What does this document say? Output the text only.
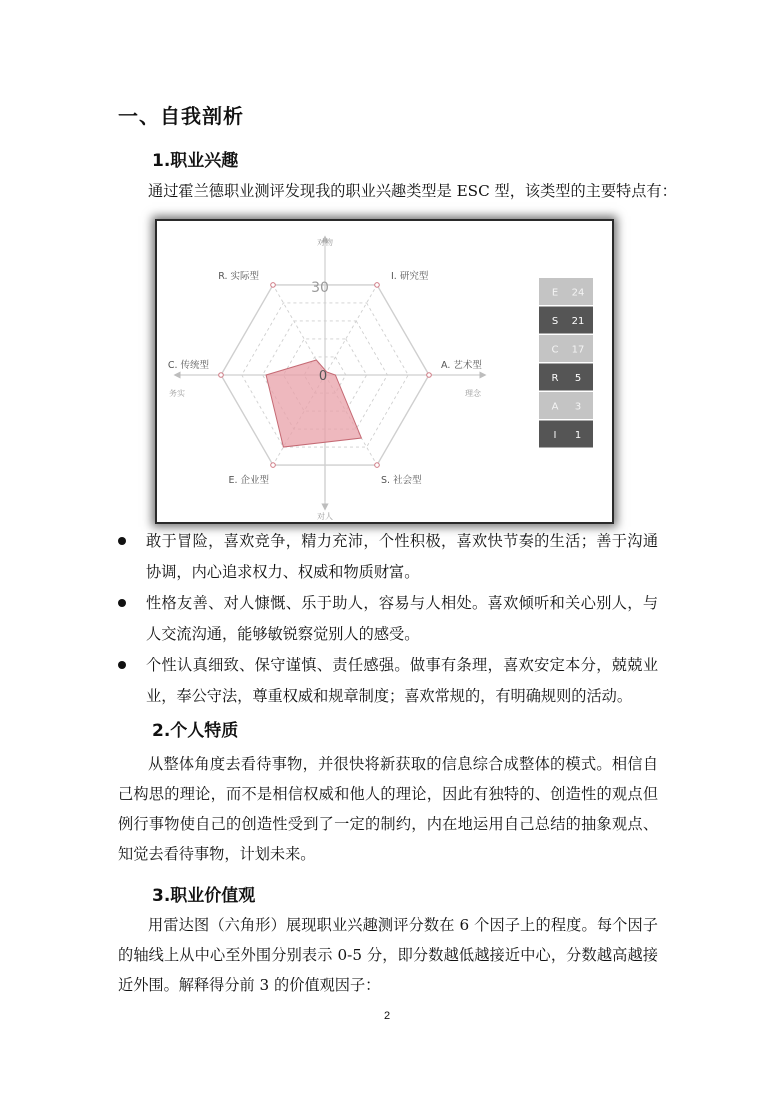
一、自我剖析
1.职业兴趣
通过霍兰德职业测评发现我的职业兴趣类型是 ESC 型，该类型的主要特点有：
I. 研究型
A. 艺术型
S. 社会型
E. 企业型
C. 传统型
R. 实际型
30
0
对物
对人
务实	理念
E 24
S 21
C 17
R 5
A 3
I 1
敢于冒险，喜欢竞争，精力充沛，个性积极，喜欢快节奏的生活；善于沟通协调，内心追求权力、权威和物质财富。
性格友善、对人慷慨、乐于助人，容易与人相处。喜欢倾听和关心别人，与人交流沟通，能够敏锐察觉别人的感受。
个性认真细致、保守谨慎、责任感强。做事有条理，喜欢安定本分，兢兢业业，奉公守法，尊重权威和规章制度；喜欢常规的，有明确规则的活动。
2.个人特质
从整体角度去看待事物，并很快将新获取的信息综合成整体的模式。相信自己构思的理论，而不是相信权威和他人的理论，因此有独特的、创造性的观点但例行事物使自己的创造性受到了一定的制约，内在地运用自己总结的抽象观点、知觉去看待事物，计划未来。
3.职业价值观
用雷达图（六角形）展现职业兴趣测评分数在 6 个因子上的程度。每个因子的轴线上从中心至外围分别表示 0-5 分，即分数越低越接近中心，分数越高越接近外围。解释得分前 3 的价值观因子：
2
